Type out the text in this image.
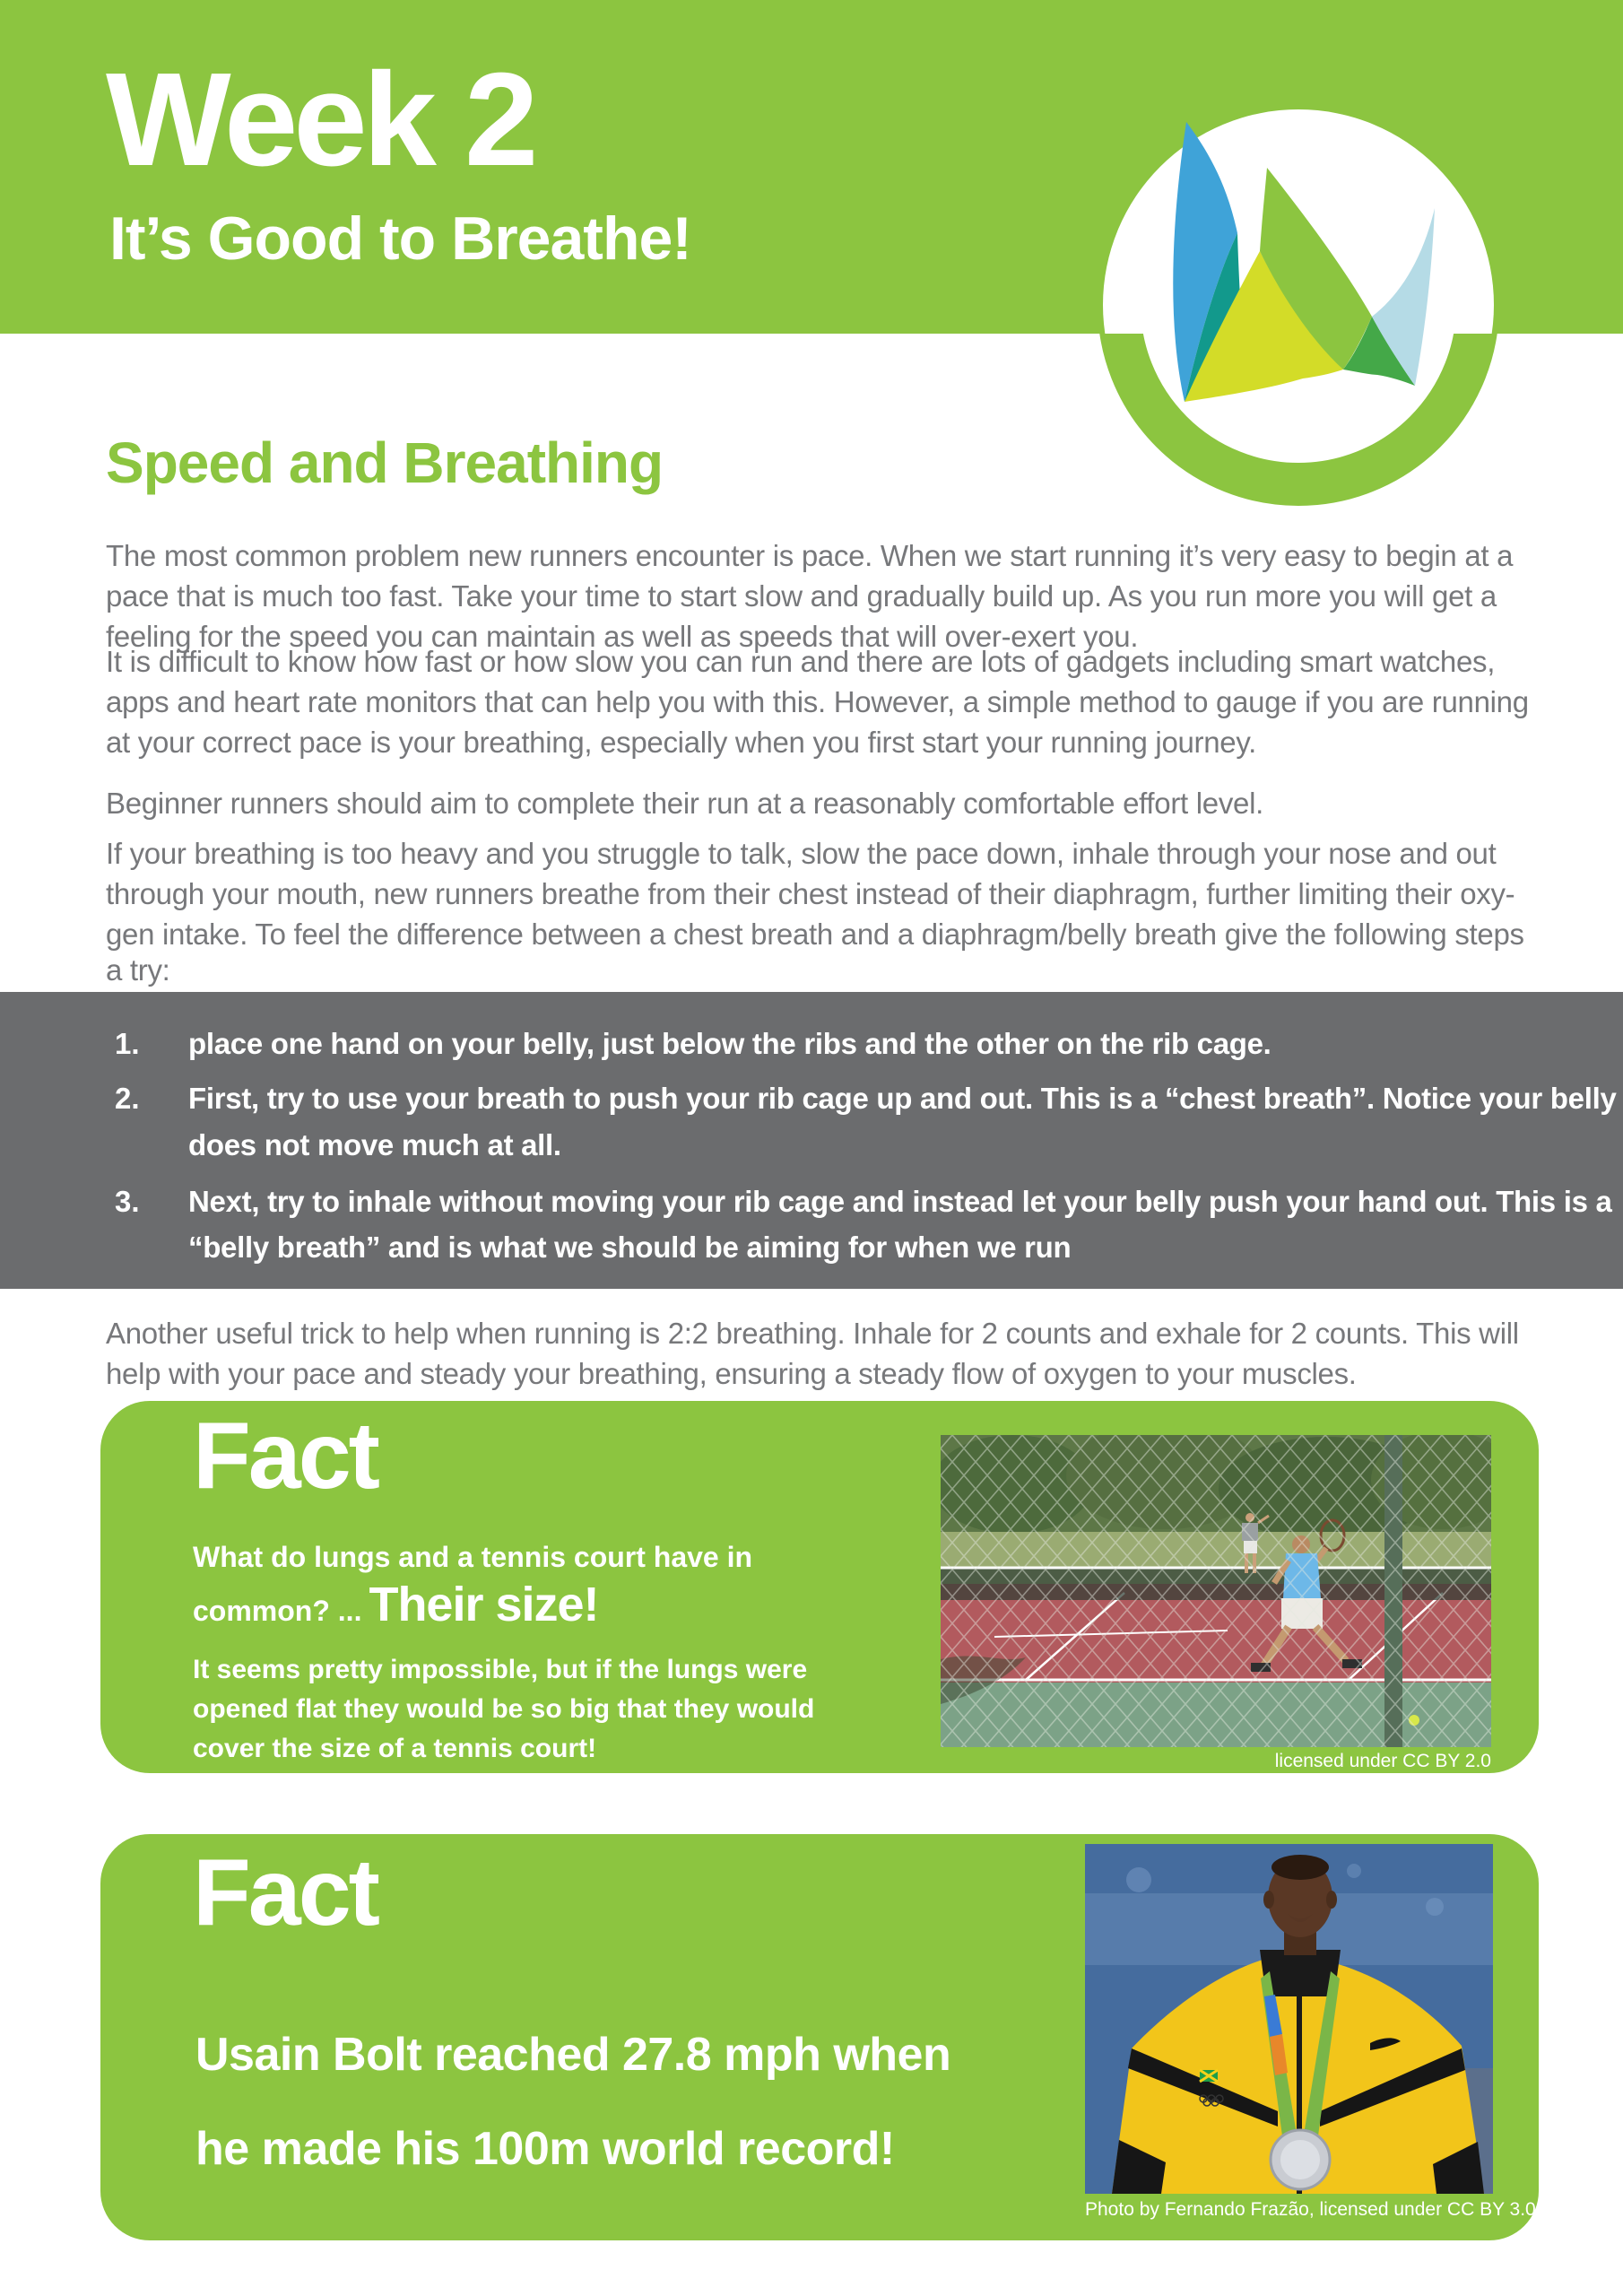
Week 2
It’s Good to Breathe!
Speed and Breathing
The most common problem new runners encounter is pace. When we start running it’s very easy to begin at a
pace that is much too fast. Take your time to start slow and gradually build up. As you run more you will get a
feeling for the speed you can maintain as well as speeds that will over-exert you.
It is difficult to know how fast or how slow you can run and there are lots of gadgets including smart watches,
apps and heart rate monitors that can help you with this. However, a simple method to gauge if you are running
at your correct pace is your breathing, especially when you first start your running journey.
Beginner runners should aim to complete their run at a reasonably comfortable effort level.
If your breathing is too heavy and you struggle to talk, slow the pace down, inhale through your nose and out
through your mouth, new runners breathe from their chest instead of their diaphragm, further limiting their oxy-
gen intake. To feel the difference between a chest breath and a diaphragm/belly breath give the following steps
a try:
1. place one hand on your belly, just below the ribs and the other on the rib cage.
2. First, try to use your breath to push your rib cage up and out. This is a “chest breath”. Notice your belly
does not move much at all.
3. Next, try to inhale without moving your rib cage and instead let your belly push your hand out. This is a
“belly breath” and is what we should be aiming for when we run
Another useful trick to help when running is 2:2 breathing. Inhale for 2 counts and exhale for 2 counts. This will
help with your pace and steady your breathing, ensuring a steady flow of oxygen to your muscles.
Fact
What do lungs and a tennis court have in
common? ... Their size!
It seems pretty impossible, but if the lungs were
opened flat they would be so big that they would
cover the size of a tennis court!	licensed under CC BY 2.0
Fact
Usain Bolt reached 27.8 mph when
he made his 100m world record!
Photo by Fernando Frazão, licensed under CC BY 3.0
